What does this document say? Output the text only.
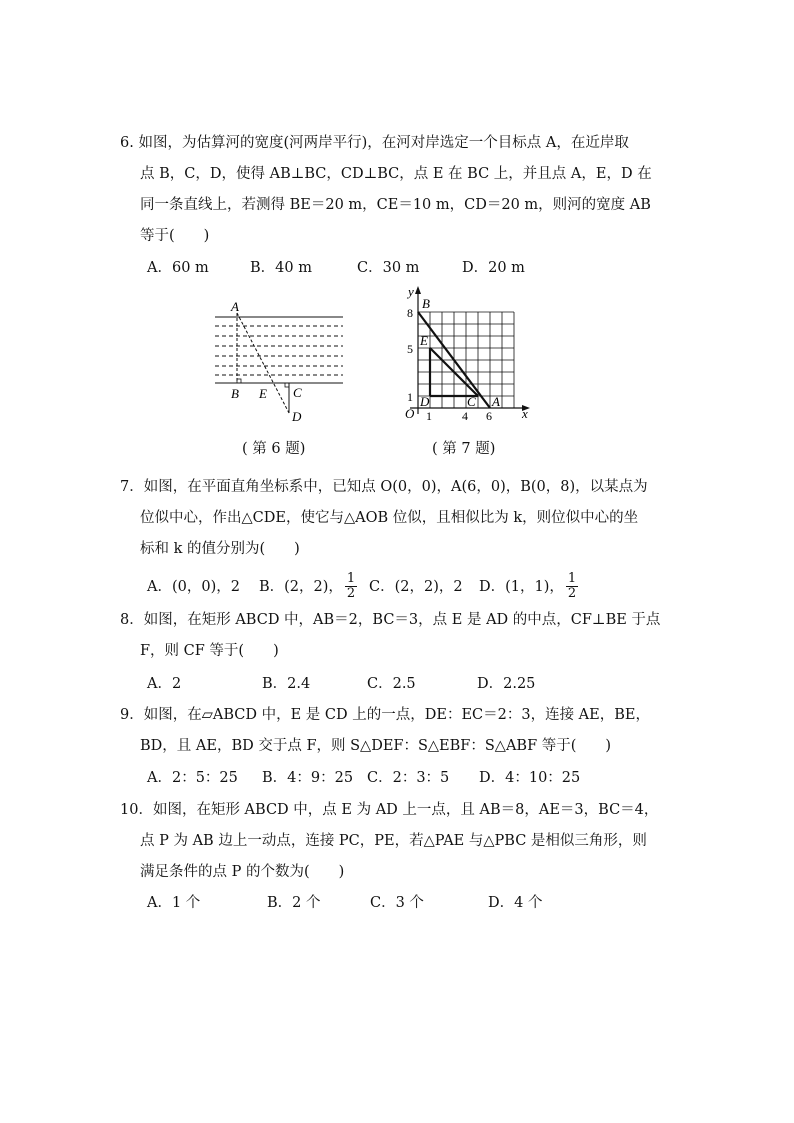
6. 如图，为估算河的宽度(河两岸平行)，在河对岸选定一个目标点 A，在近岸取
点 B，C，D，使得 AB⊥BC，CD⊥BC，点 E 在 BC 上，并且点 A，E，D 在
同一条直线上，若测得 BE＝20 m，CE＝10 m，CD＝20 m，则河的宽度 AB
等于(　　)
A．60 m	B．40 m	C．30 m	D．20 m
A
B E C
D
( 第 6 题)
y
B
E
D	C A
O	x
8
5
1
1	4 6
( 第 7 题)
7．如图，在平面直角坐标系中，已知点 O(0，0)，A(6，0)，B(0，8)，以某点为
位似中心，作出△CDE，使它与△AOB 位似，且相似比为 k，则位似中心的坐
标和 k 的值分别为(　　)
A．(0，0)，2 B．(2，2)， $\frac{1}{2}$ C．(2，2)，2 D．(1，1)， $\frac{1}{2}$
8．如图，在矩形 ABCD 中，AB＝2，BC＝3，点 E 是 AD 的中点，CF⊥BE 于点
F，则 CF 等于(　　)
A．2	B．2.4	C．2.5	D．2.25
9．如图，在▱ABCD 中，E 是 CD 上的一点，DE：EC＝2：3，连接 AE，BE，
BD，且 AE，BD 交于点 F，则 S△DEF：S△EBF：S△ABF 等于(　　)
A．2：5：25 B．4：9：25 C．2：3：5 D．4：10：25
10．如图，在矩形 ABCD 中，点 E 为 AD 上一点，且 AB＝8，AE＝3，BC＝4，
点 P 为 AB 边上一动点，连接 PC，PE，若△PAE 与△PBC 是相似三角形，则
满足条件的点 P 的个数为(　　)
A．1 个	B．2 个	C．3 个	D．4 个
